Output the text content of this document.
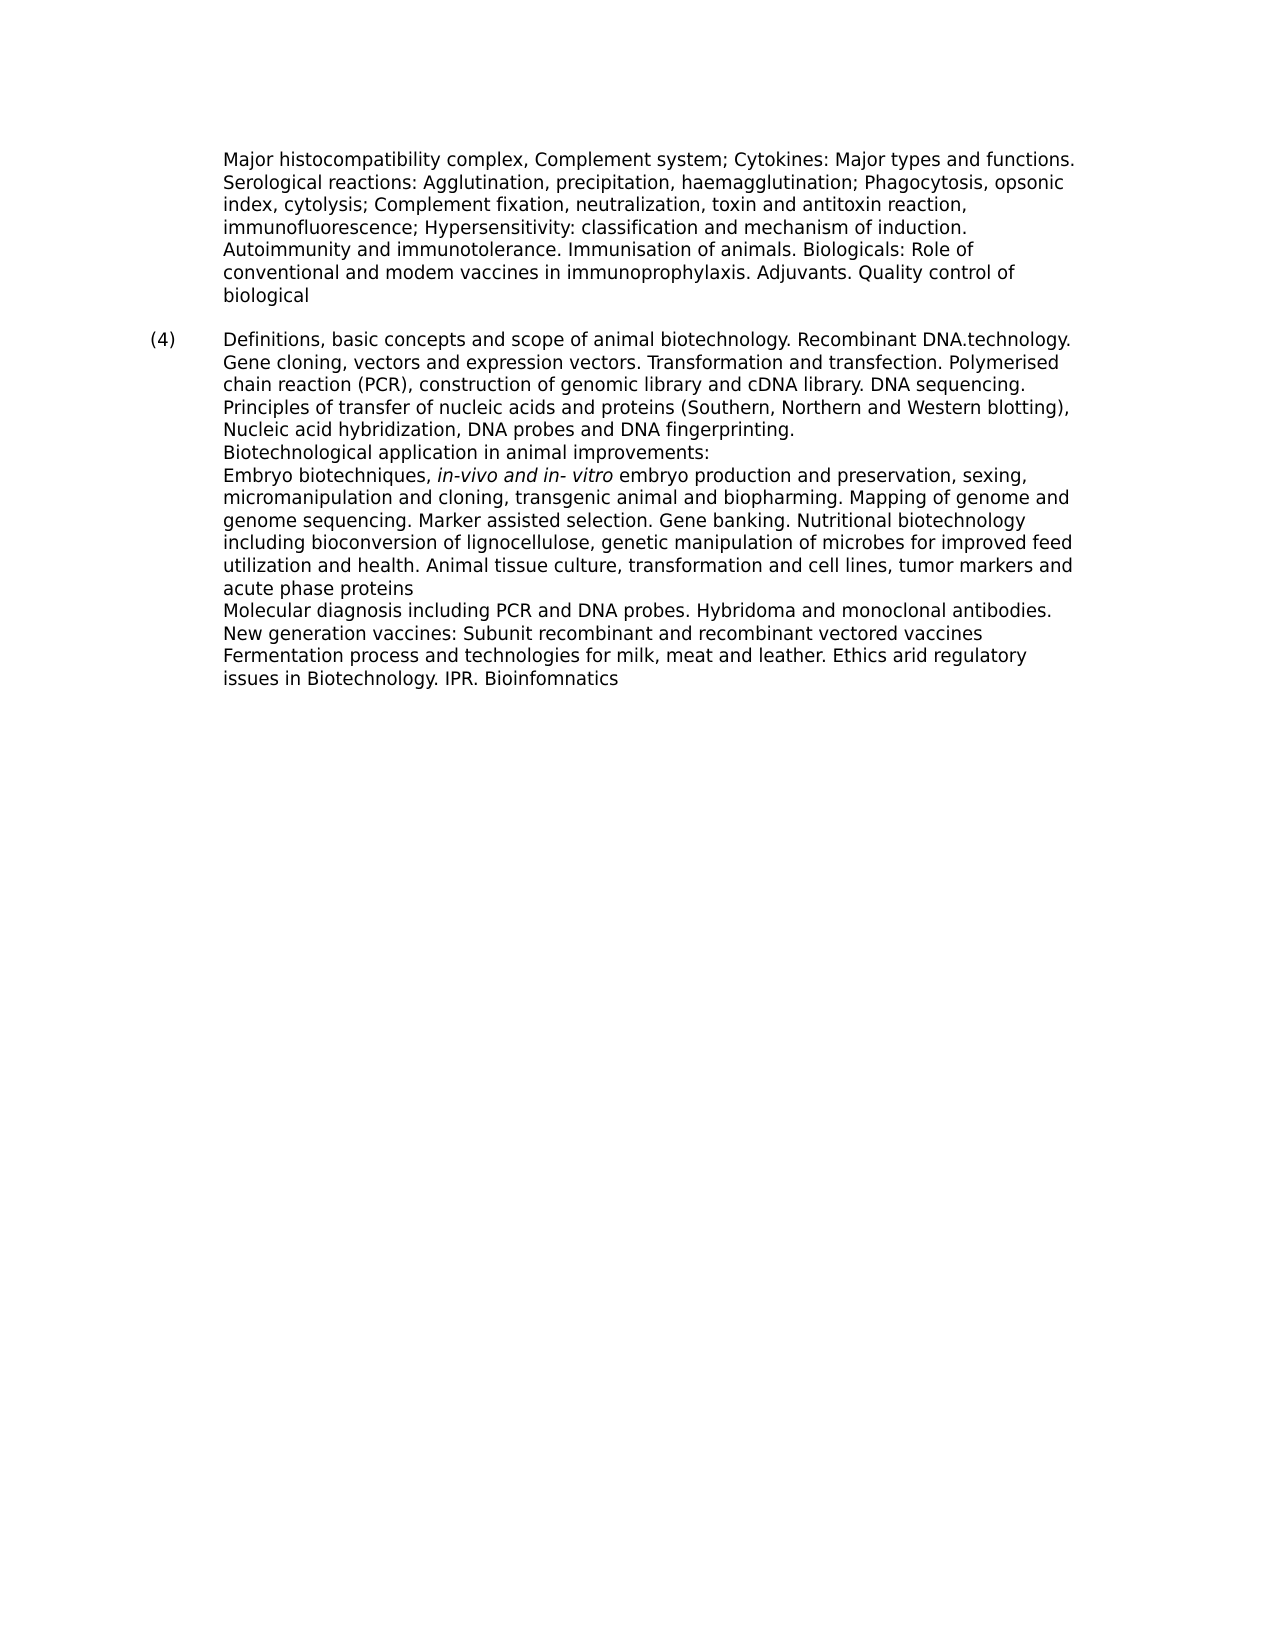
Major histocompatibility complex, Complement system; Cytokines: Major types and functions.
Serological reactions: Agglutination, precipitation, haemagglutination; Phagocytosis, opsonic
index, cytolysis; Complement fixation, neutralization, toxin and antitoxin reaction,
immunofluorescence; Hypersensitivity: classification and mechanism of induction.
Autoimmunity and immunotolerance. Immunisation of animals. Biologicals: Role of
conventional and modem vaccines in immunoprophylaxis. Adjuvants. Quality control of
biological
(4)	Definitions, basic concepts and scope of animal biotechnology. Recombinant DNA.technology.
Gene cloning, vectors and expression vectors. Transformation and transfection. Polymerised
chain reaction (PCR), construction of genomic library and cDNA library. DNA sequencing.
Principles of transfer of nucleic acids and proteins (Southern, Northern and Western blotting),
Nucleic acid hybridization, DNA probes and DNA fingerprinting.
Biotechnological application in animal improvements:
Embryo biotechniques, in-vivo and in- vitro embryo production and preservation, sexing,
micromanipulation and cloning, transgenic animal and biopharming. Mapping of genome and
genome sequencing. Marker assisted selection. Gene banking. Nutritional biotechnology
including bioconversion of lignocellulose, genetic manipulation of microbes for improved feed
utilization and health. Animal tissue culture, transformation and cell lines, tumor markers and
acute phase proteins
Molecular diagnosis including PCR and DNA probes. Hybridoma and monoclonal antibodies.
New generation vaccines: Subunit recombinant and recombinant vectored vaccines
Fermentation process and technologies for milk, meat and leather. Ethics arid regulatory
issues in Biotechnology. IPR. Bioinfomnatics
